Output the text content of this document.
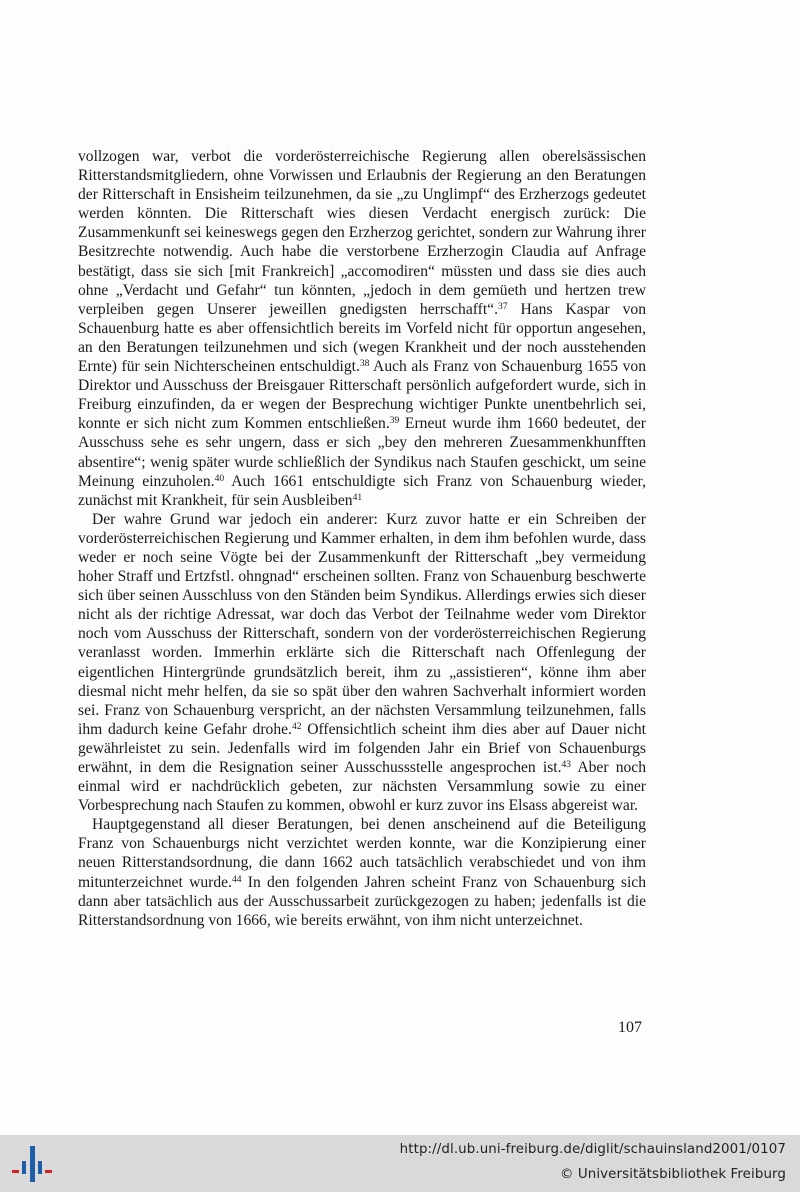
vollzogen war, verbot die vorderösterreichische Regierung allen oberelsässischen Ritterstandsmitgliedern, ohne Vorwissen und Erlaubnis der Regierung an den Beratungen der Ritterschaft in Ensisheim teilzunehmen, da sie „zu Unglimpf“ des Erzherzogs gedeutet werden könnten. Die Ritterschaft wies diesen Verdacht energisch zurück: Die Zusammenkunft sei keineswegs gegen den Erzherzog gerichtet, sondern zur Wahrung ihrer Besitzrechte notwendig. Auch habe die verstorbene Erzherzogin Claudia auf Anfrage bestätigt, dass sie sich [mit Frankreich] „accomodiren“ müssten und dass sie dies auch ohne „Verdacht und Gefahr“ tun könnten, „jedoch in dem gemüeth und hertzen trew verpleiben gegen Unserer jeweillen gnedigsten herrschafft“.$^{37}$ Hans Kaspar von Schauenburg hatte es aber offensichtlich bereits im Vorfeld nicht für opportun angesehen, an den Beratungen teilzunehmen und sich (wegen Krankheit und der noch ausstehenden Ernte) für sein Nichterscheinen entschuldigt.$^{38}$ Auch als Franz von Schauenburg 1655 von Direktor und Ausschuss der Breisgauer Ritterschaft persönlich aufgefordert wurde, sich in Freiburg einzufinden, da er wegen der Besprechung wichtiger Punkte unentbehrlich sei, konnte er sich nicht zum Kommen entschließen.$^{39}$ Erneut wurde ihm 1660 bedeutet, der Ausschuss sehe es sehr ungern, dass er sich „bey den mehreren Zuesammenkhunfften absentire“; wenig später wurde schließlich der Syndikus nach Staufen geschickt, um seine Meinung einzuholen.$^{40}$ Auch 1661 entschuldigte sich Franz von Schauenburg wieder, zunächst mit Krankheit, für sein Ausbleiben$^{41}$

Der wahre Grund war jedoch ein anderer: Kurz zuvor hatte er ein Schreiben der vorderösterreichischen Regierung und Kammer erhalten, in dem ihm befohlen wurde, dass weder er noch seine Vögte bei der Zusammenkunft der Ritterschaft „bey vermeidung hoher Straff und Ertzfstl. ohngnad“ erscheinen sollten. Franz von Schauenburg beschwerte sich über seinen Ausschluss von den Ständen beim Syndikus. Allerdings erwies sich dieser nicht als der richtige Adressat, war doch das Verbot der Teilnahme weder vom Direktor noch vom Ausschuss der Ritterschaft, sondern von der vorderösterreichischen Regierung veranlasst worden. Immerhin erklärte sich die Ritterschaft nach Offenlegung der eigentlichen Hintergründe grundsätzlich bereit, ihm zu „assistieren“, könne ihm aber diesmal nicht mehr helfen, da sie so spät über den wahren Sachverhalt informiert worden sei. Franz von Schauenburg verspricht, an der nächsten Versammlung teilzunehmen, falls ihm dadurch keine Gefahr drohe.$^{42}$ Offensichtlich scheint ihm dies aber auf Dauer nicht gewährleistet zu sein. Jedenfalls wird im folgenden Jahr ein Brief von Schauenburgs erwähnt, in dem die Resignation seiner Ausschussstelle angesprochen ist.$^{43}$ Aber noch einmal wird er nachdrücklich gebeten, zur nächsten Versammlung sowie zu einer Vorbesprechung nach Staufen zu kommen, obwohl er kurz zuvor ins Elsass abgereist war.

Hauptgegenstand all dieser Beratungen, bei denen anscheinend auf die Beteiligung Franz von Schauenburgs nicht verzichtet werden konnte, war die Konzipierung einer neuen Ritterstandsordnung, die dann 1662 auch tatsächlich verabschiedet und von ihm mitunterzeichnet wurde.$^{44}$ In den folgenden Jahren scheint Franz von Schauenburg sich dann aber tatsächlich aus der Ausschussarbeit zurückgezogen zu haben; jedenfalls ist die Ritterstandsordnung von 1666, wie bereits erwähnt, von ihm nicht unterzeichnet.

107
http://dl.ub.uni-freiburg.de/diglit/schauinsland2001/0107
© Universitätsbibliothek Freiburg
